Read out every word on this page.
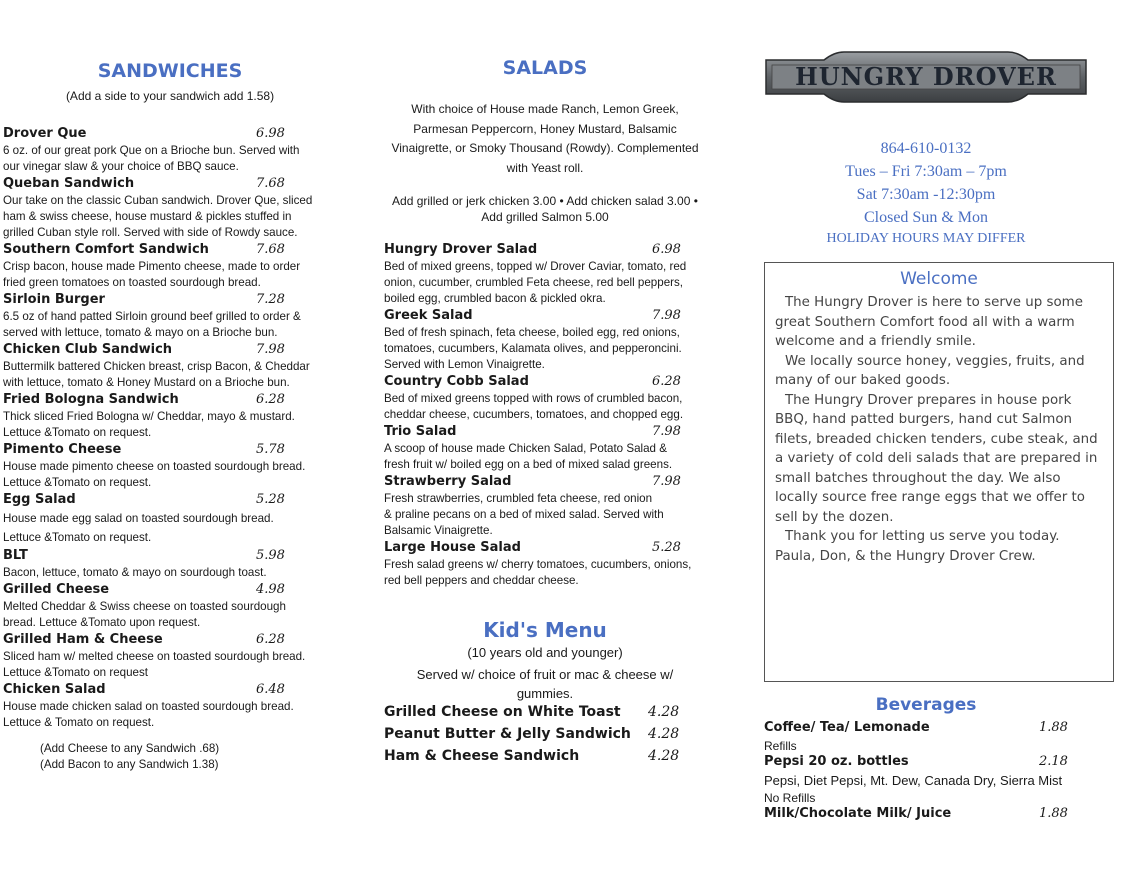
SANDWICHES
(Add a side to your sandwich add 1.58)
Drover Que	6.98
6 oz. of our great pork Que on a Brioche bun. Served with
our vinegar slaw & your choice of BBQ sauce.
Queban Sandwich	7.68
Our take on the classic Cuban sandwich. Drover Que, sliced
ham & swiss cheese, house mustard & pickles stuffed in
grilled Cuban style roll. Served with side of Rowdy sauce.
Southern Comfort Sandwich	7.68
Crisp bacon, house made Pimento cheese, made to order
fried green tomatoes on toasted sourdough bread.
Sirloin Burger	7.28
6.5 oz of hand patted Sirloin ground beef grilled to order &
served with lettuce, tomato & mayo on a Brioche bun.
Chicken Club Sandwich	7.98
Buttermilk battered Chicken breast, crisp Bacon, & Cheddar
with lettuce, tomato & Honey Mustard on a Brioche bun.
Fried Bologna Sandwich	6.28
Thick sliced Fried Bologna w/ Cheddar, mayo & mustard.
Lettuce &Tomato on request.
Pimento Cheese	5.78
House made pimento cheese on toasted sourdough bread.
Lettuce &Tomato on request.
Egg Salad	5.28
House made egg salad on toasted sourdough bread.
Lettuce &Tomato on request.
BLT	5.98
Bacon, lettuce, tomato & mayo on sourdough toast.
Grilled Cheese	4.98
Melted Cheddar & Swiss cheese on toasted sourdough
bread. Lettuce &Tomato upon request.
Grilled Ham & Cheese	6.28
Sliced ham w/ melted cheese on toasted sourdough bread.
Lettuce &Tomato on request
Chicken Salad	6.48
House made chicken salad on toasted sourdough bread.
Lettuce & Tomato on request.
(Add Cheese to any Sandwich .68)
(Add Bacon to any Sandwich 1.38)
SALADS
With choice of House made Ranch, Lemon Greek,
Parmesan Peppercorn, Honey Mustard, Balsamic
Vinaigrette, or Smoky Thousand (Rowdy). Complemented
with Yeast roll.
Add grilled or jerk chicken 3.00 • Add chicken salad 3.00 •
Add grilled Salmon 5.00
Hungry Drover Salad	6.98
Bed of mixed greens, topped w/ Drover Caviar, tomato, red
onion, cucumber, crumbled Feta cheese, red bell peppers,
boiled egg, crumbled bacon & pickled okra.
Greek Salad	7.98
Bed of fresh spinach, feta cheese, boiled egg, red onions,
tomatoes, cucumbers, Kalamata olives, and pepperoncini.
Served with Lemon Vinaigrette.
Country Cobb Salad	6.28
Bed of mixed greens topped with rows of crumbled bacon,
cheddar cheese, cucumbers, tomatoes, and chopped egg.
Trio Salad	7.98
A scoop of house made Chicken Salad, Potato Salad &
fresh fruit w/ boiled egg on a bed of mixed salad greens.
Strawberry Salad	7.98
Fresh strawberries, crumbled feta cheese, red onion
& praline pecans on a bed of mixed salad. Served with
Balsamic Vinaigrette.
Large House Salad	5.28
Fresh salad greens w/ cherry tomatoes, cucumbers, onions,
red bell peppers and cheddar cheese.
Kid's Menu
(10 years old and younger)
Served w/ choice of fruit or mac & cheese w/ gummies.
Grilled Cheese on White Toast 4.28
Peanut Butter & Jelly Sandwich 4.28
Ham & Cheese Sandwich	4.28
HUNGRY DROVER
864-610-0132
Tues – Fri 7:30am – 7pm
Sat 7:30am -12:30pm
Closed Sun & Mon
HOLIDAY HOURS MAY DIFFER
Welcome

The Hungry Drover is here to serve up some great Southern Comfort food all with a warm welcome and a friendly smile.

We locally source honey, veggies, fruits, and many of our baked goods.

The Hungry Drover prepares in house pork BBQ, hand patted burgers, hand cut Salmon filets, breaded chicken tenders, cube steak, and a variety of cold deli salads that are prepared in small batches throughout the day. We also locally source free range eggs that we offer to sell by the dozen.

Thank you for letting us serve you today.

Paula, Don, & the Hungry Drover Crew.

Beverages
Coffee/ Tea/ Lemonade	1.88
Refills
Pepsi 20 oz. bottles	2.18
Pepsi, Diet Pepsi, Mt. Dew, Canada Dry, Sierra Mist
No Refills
Milk/Chocolate Milk/ Juice	1.88
